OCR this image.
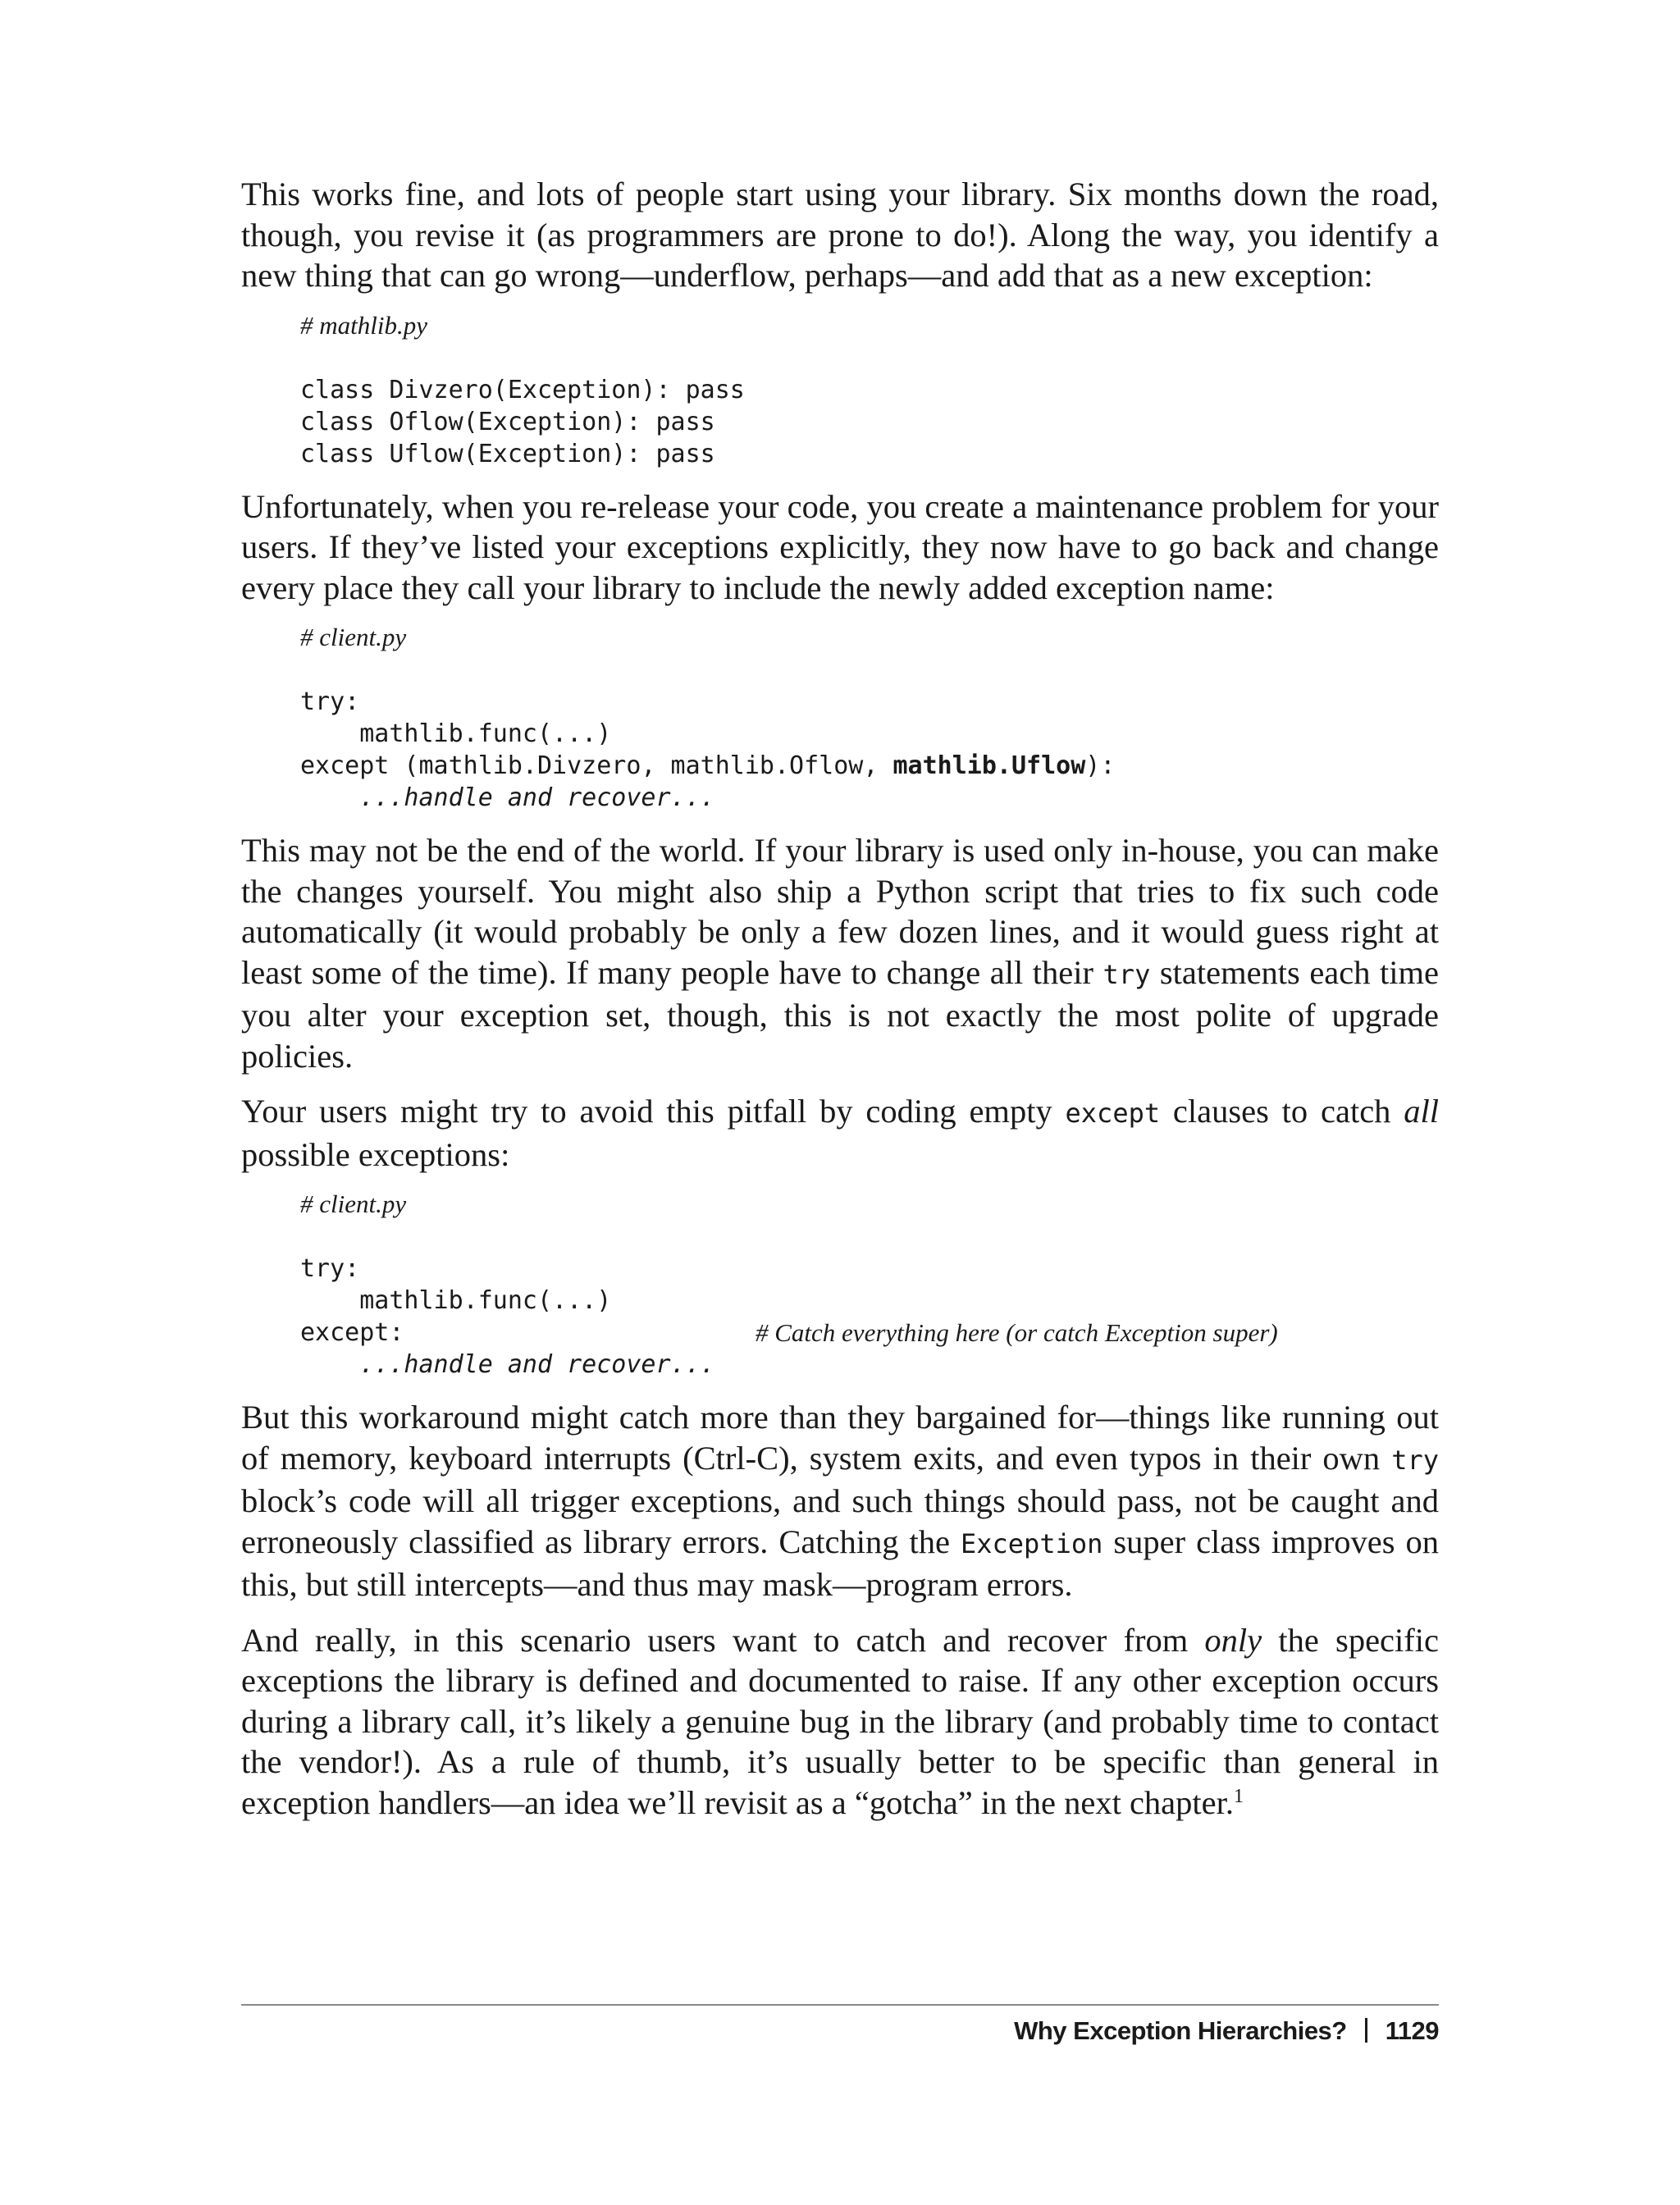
This works fine, and lots of people start using your library. Six months down the road, though, you revise it (as programmers are prone to do!). Along the way, you identify a new thing that can go wrong—underflow, perhaps—and add that as a new exception:

# mathlib.py
class Divzero(Exception): pass
class Oflow(Exception): pass
class Uflow(Exception): pass

Unfortunately, when you re-release your code, you create a maintenance problem for your users. If they’ve listed your exceptions explicitly, they now have to go back and change every place they call your library to include the newly added exception name:

# client.py
try:
mathlib.func(...)
except (mathlib.Divzero, mathlib.Oflow, mathlib.Uflow):
...handle and recover...

This may not be the end of the world. If your library is used only in-house, you can make the changes yourself. You might also ship a Python script that tries to fix such code automatically (it would probably be only a few dozen lines, and it would guess right at least some of the time). If many people have to change all their try statements each time you alter your exception set, though, this is not exactly the most polite of upgrade policies.

Your users might try to avoid this pitfall by coding empty except clauses to catch all possible exceptions:

# client.py
try:
mathlib.func(...)
except:	# Catch everything here (or catch Exception super)
...handle and recover...

But this workaround might catch more than they bargained for—things like running out of memory, keyboard interrupts (Ctrl-C), system exits, and even typos in their own try block’s code will all trigger exceptions, and such things should pass, not be caught and erroneously classified as library errors. Catching the Exception super class improves on this, but still intercepts—and thus may mask—program errors.

And really, in this scenario users want to catch and recover from only the specific exceptions the library is defined and documented to raise. If any other exception occurs during a library call, it’s likely a genuine bug in the library (and probably time to contact the vendor!). As a rule of thumb, it’s usually better to be specific than general in exception handlers—an idea we’ll revisit as a “gotcha” in the next chapter.$^1$

Why Exception Hierarchies? 1129
